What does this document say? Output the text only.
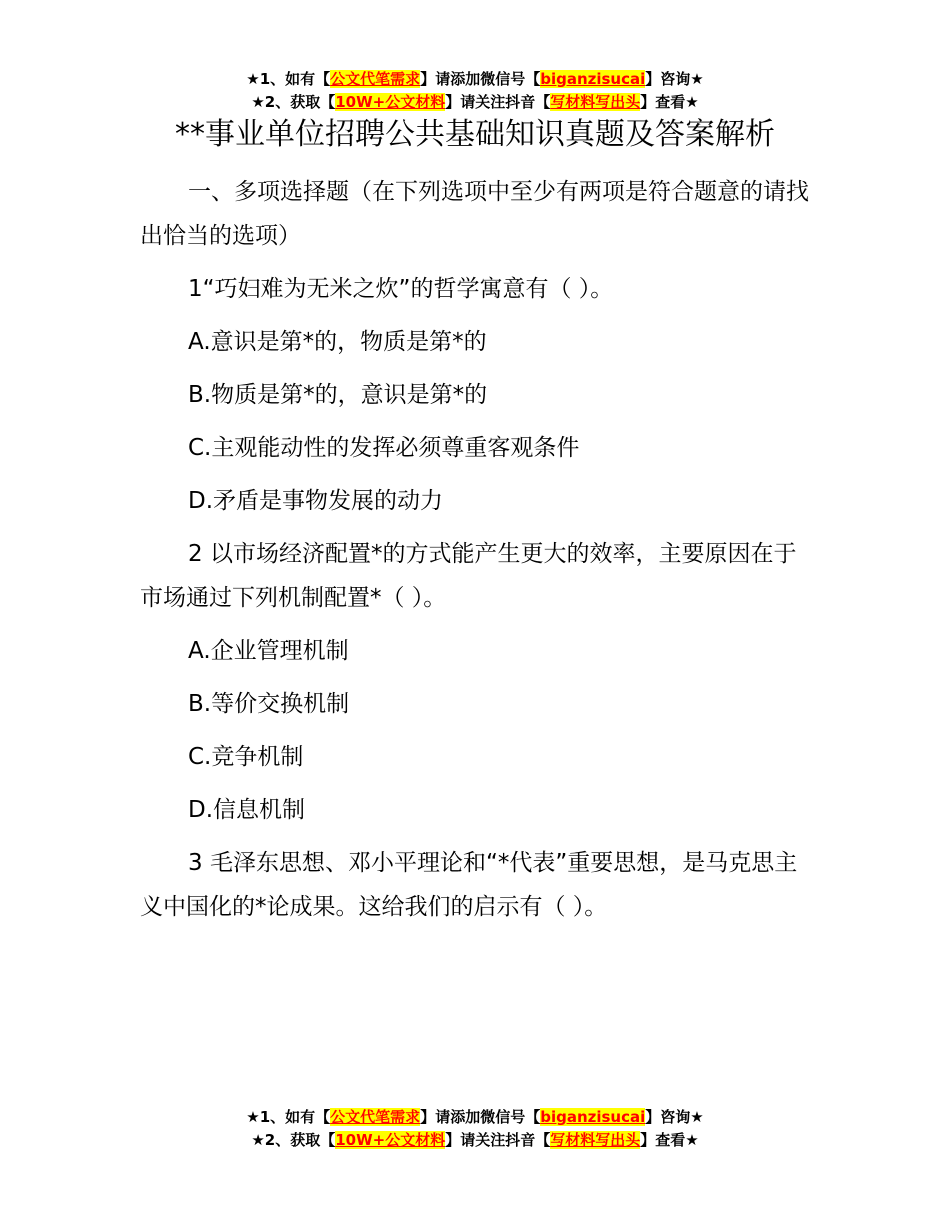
★1、如有【公文代笔需求】请添加微信号【biganzisucai】咨询★
★2、获取【10W+公文材料】请关注抖音【写材料写出头】查看★
**事业单位招聘公共基础知识真题及答案解析

一、多项选择题（在下列选项中至少有两项是符合题意的请找出恰当的选项）

1“巧妇难为无米之炊”的哲学寓意有（ ）。

A.意识是第*的，物质是第*的

B.物质是第*的，意识是第*的

C.主观能动性的发挥必须尊重客观条件

D.矛盾是事物发展的动力

2 以市场经济配置*的方式能产生更大的效率，主要原因在于市场通过下列机制配置*（ ）。

A.企业管理机制

B.等价交换机制

C.竞争机制

D.信息机制

3 毛泽东思想、邓小平理论和“*代表”重要思想，是马克思主义中国化的*论成果。这给我们的启示有（ ）。

★1、如有【公文代笔需求】请添加微信号【biganzisucai】咨询★
★2、获取【10W+公文材料】请关注抖音【写材料写出头】查看★
